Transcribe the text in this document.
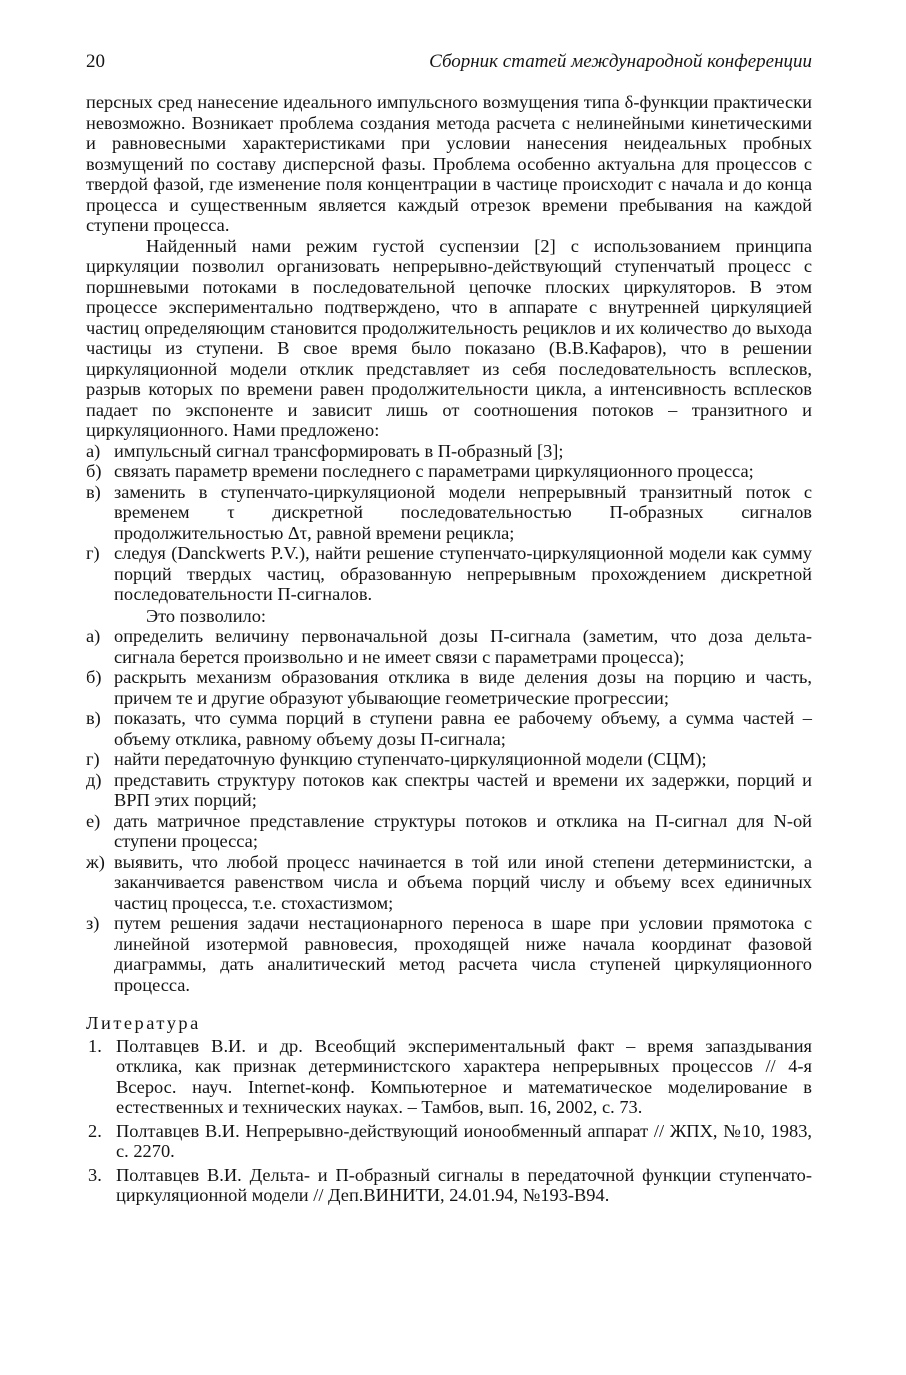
20	Сборник статей международной конференции

персных сред нанесение идеального импульсного возмущения типа δ-функции практически невозможно. Возникает проблема создания метода расчета с нелинейными кинетическими и равновесными характеристиками при условии нанесения неидеальных пробных возмущений по составу дисперсной фазы. Проблема особенно актуальна для процессов с твердой фазой, где изменение поля концентрации в частице происходит с начала и до конца процесса и существенным является каждый отрезок времени пребывания на каждой ступени процесса.

Найденный нами режим густой суспензии [2] с использованием принципа циркуляции позволил организовать непрерывно-действующий ступенчатый процесс с поршневыми потоками в последовательной цепочке плоских циркуляторов. В этом процессе экспериментально подтверждено, что в аппарате с внутренней циркуляцией частиц определяющим становится продолжительность рециклов и их количество до выхода частицы из ступени. В свое время было показано (В.В.Кафаров), что в решении циркуляционной модели отклик представляет из себя последовательность всплесков, разрыв которых по времени равен продолжительности цикла, а интенсивность всплесков падает по экспоненте и зависит лишь от соотношения потоков – транзитного и циркуляционного. Нами предложено:

а) импульсный сигнал трансформировать в П-образный [3];
б) связать параметр времени последнего с параметрами циркуляционного процесса;
в) заменить в ступенчато-циркуляционой модели непрерывный транзитный поток с временем τ дискретной последовательностью П-образных сигналов продолжительностью Δτ, равной времени рецикла;
г) следуя (Danckwerts P.V.), найти решение ступенчато-циркуляционной модели как сумму порций твердых частиц, образованную непрерывным прохождением дискретной последовательности П-сигналов.

Это позволило:

а) определить величину первоначальной дозы П-сигнала (заметим, что доза дельта-сигнала берется произвольно и не имеет связи с параметрами процесса);
б) раскрыть механизм образования отклика в виде деления дозы на порцию и часть, причем те и другие образуют убывающие геометрические прогрессии;
в) показать, что сумма порций в ступени равна ее рабочему объему, а сумма частей – объему отклика, равному объему дозы П-сигнала;
г) найти передаточную функцию ступенчато-циркуляционной модели (СЦМ);
д) представить структуру потоков как спектры частей и времени их задержки, порций и ВРП этих порций;
е) дать матричное представление структуры потоков и отклика на П-сигнал для N-ой ступени процесса;
ж) выявить, что любой процесс начинается в той или иной степени детерминистски, а заканчивается равенством числа и объема порций числу и объему всех единичных частиц процесса, т.е. стохастизмом;
з) путем решения задачи нестационарного переноса в шаре при условии прямотока с линейной изотермой равновесия, проходящей ниже начала координат фазовой диаграммы, дать аналитический метод расчета числа ступеней циркуляционного процесса.
Литература
1. Полтавцев В.И. и др. Всеобщий экспериментальный факт – время запаздывания отклика, как признак детерминистского характера непрерывных процессов // 4-я Всерос. науч. Internet-конф. Компьютерное и математическое моделирование в естественных и технических науках. – Тамбов, вып. 16, 2002, с. 73.
2. Полтавцев В.И. Непрерывно-действующий ионообменный аппарат // ЖПХ, №10, 1983, с. 2270.
3. Полтавцев В.И. Дельта- и П-образный сигналы в передаточной функции ступенчато-циркуляционной модели // Деп.ВИНИТИ, 24.01.94, №193-В94.
